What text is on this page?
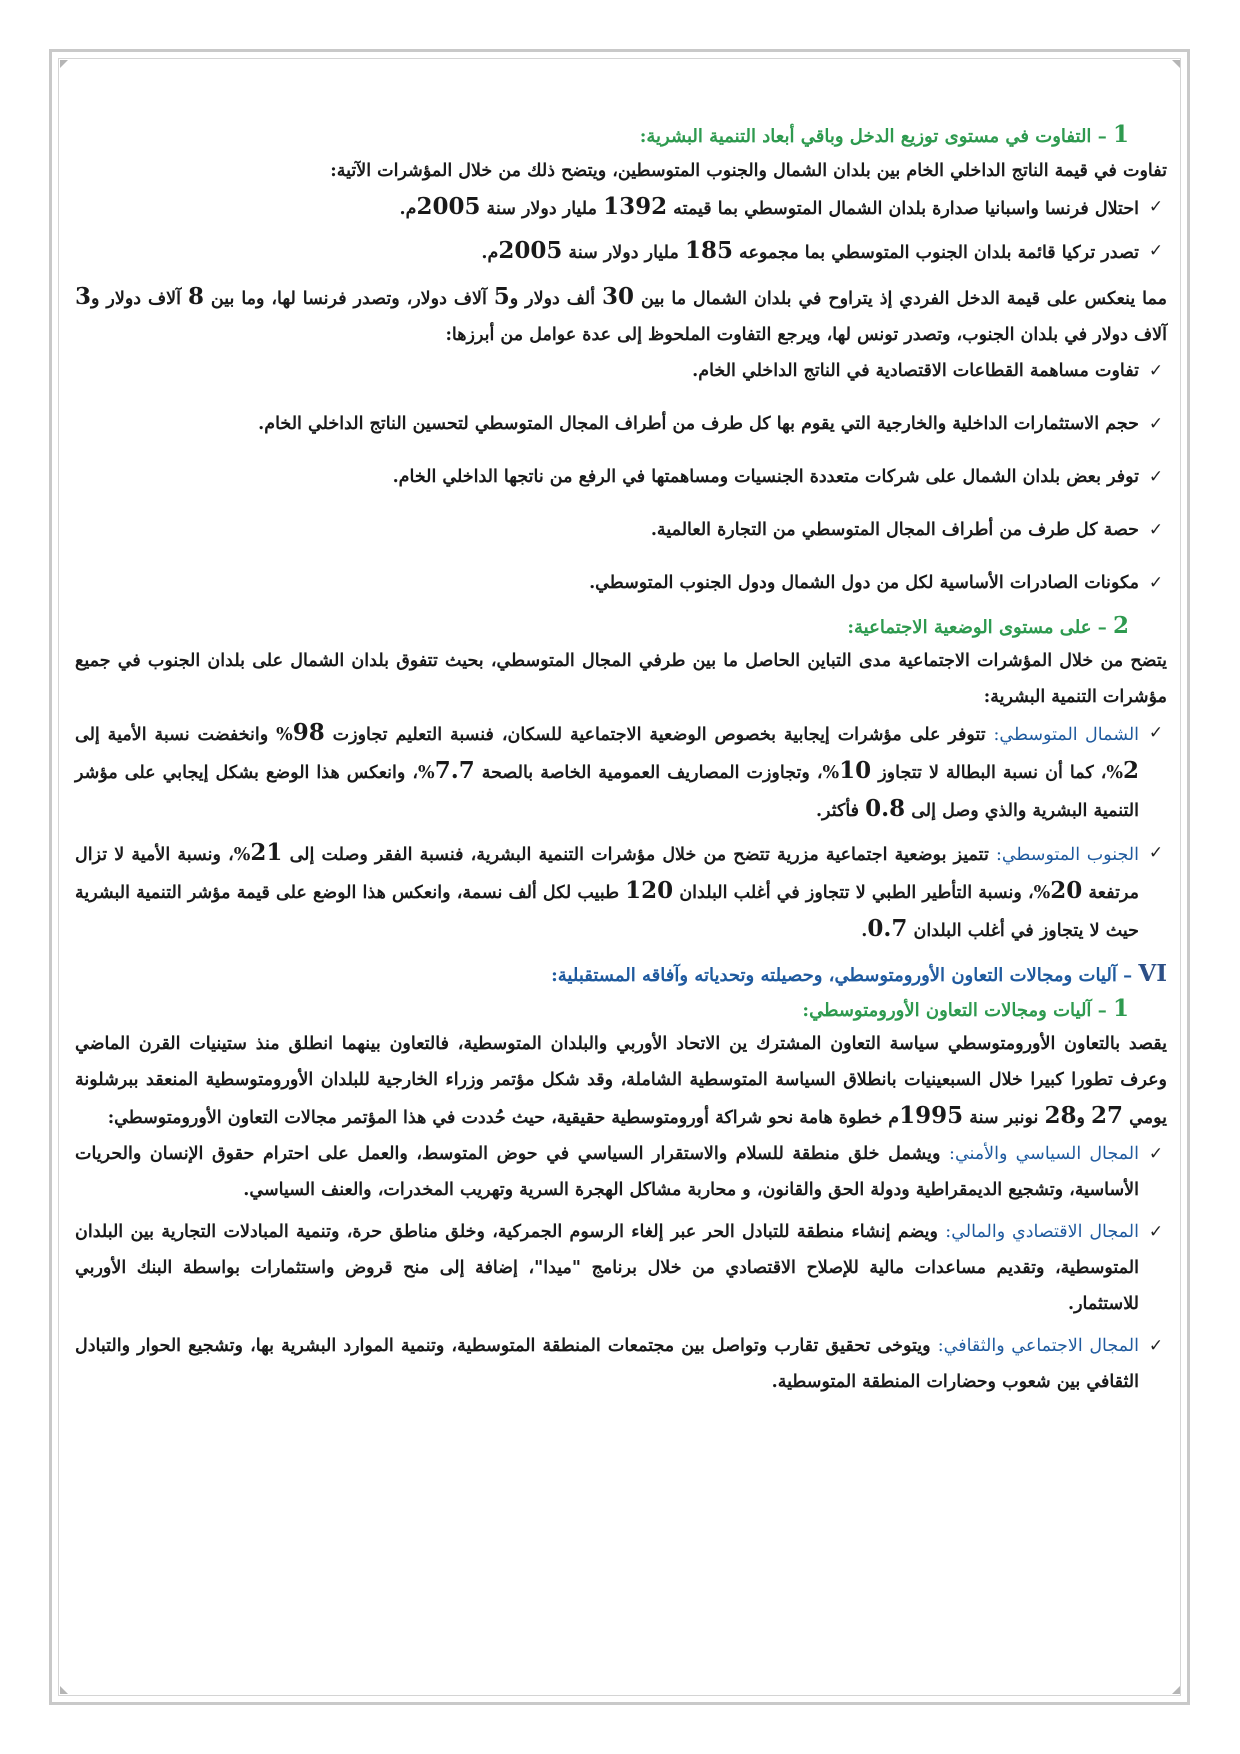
1 – التفاوت في مستوى توزيع الدخل وباقي أبعاد التنمية البشرية:

تفاوت في قيمة الناتج الداخلي الخام بين بلدان الشمال والجنوب المتوسطين، ويتضح ذلك من خلال المؤشرات الآتية:

✓
احتلال فرنسا واسبانيا صدارة بلدان الشمال المتوسطي بما قيمته 1392 مليار دولار سنة 2005م.
✓
تصدر تركيا قائمة بلدان الجنوب المتوسطي بما مجموعه 185 مليار دولار سنة 2005م.

مما ينعكس على قيمة الدخل الفردي إذ يتراوح في بلدان الشمال ما بين 30 ألف دولار و5 آلاف دولار، وتصدر فرنسا لها، وما بين 8 آلاف دولار و3 آلاف دولار في بلدان الجنوب، وتصدر تونس لها، ويرجع التفاوت الملحوظ إلى عدة عوامل من أبرزها:

✓
تفاوت مساهمة القطاعات الاقتصادية في الناتج الداخلي الخام.
✓
حجم الاستثمارات الداخلية والخارجية التي يقوم بها كل طرف من أطراف المجال المتوسطي لتحسين الناتج الداخلي الخام.
✓
توفر بعض بلدان الشمال على شركات متعددة الجنسيات ومساهمتها في الرفع من ناتجها الداخلي الخام.
✓
حصة كل طرف من أطراف المجال المتوسطي من التجارة العالمية.
✓
مكونات الصادرات الأساسية لكل من دول الشمال ودول الجنوب المتوسطي.

2 – على مستوى الوضعية الاجتماعية:

يتضح من خلال المؤشرات الاجتماعية مدى التباين الحاصل ما بين طرفي المجال المتوسطي، بحيث تتفوق بلدان الشمال على بلدان الجنوب في جميع مؤشرات التنمية البشرية:

✓
الشمال المتوسطي: تتوفر على مؤشرات إيجابية بخصوص الوضعية الاجتماعية للسكان، فنسبة التعليم تجاوزت 98% وانخفضت نسبة الأمية إلى 2%، كما أن نسبة البطالة لا تتجاوز 10%، وتجاوزت المصاريف العمومية الخاصة بالصحة 7.7%، وانعكس هذا الوضع بشكل إيجابي على مؤشر التنمية البشرية والذي وصل إلى 0.8 فأكثر.
✓
الجنوب المتوسطي: تتميز بوضعية اجتماعية مزرية تتضح من خلال مؤشرات التنمية البشرية، فنسبة الفقر وصلت إلى 21%، ونسبة الأمية لا تزال مرتفعة 20%، ونسبة التأطير الطبي لا تتجاوز في أغلب البلدان 120 طبيب لكل ألف نسمة، وانعكس هذا الوضع على قيمة مؤشر التنمية البشرية حيث لا يتجاوز في أغلب البلدان 0.7.

VI – آليات ومجالات التعاون الأورومتوسطي، وحصيلته وتحدياته وآفاقه المستقبلية:

1 – آليات ومجالات التعاون الأورومتوسطي:

يقصد بالتعاون الأورومتوسطي سياسة التعاون المشترك ين الاتحاد الأوربي والبلدان المتوسطية، فالتعاون بينهما انطلق منذ ستينيات القرن الماضي وعرف تطورا كبيرا خلال السبعينيات بانطلاق السياسة المتوسطية الشاملة، وقد شكل مؤتمر وزراء الخارجية للبلدان الأورومتوسطية المنعقد ببرشلونة يومي 27 و28 نونبر سنة 1995م خطوة هامة نحو شراكة أورومتوسطية حقيقية، حيث حُددت في هذا المؤتمر مجالات التعاون الأورومتوسطي:

✓
المجال السياسي والأمني: ويشمل خلق منطقة للسلام والاستقرار السياسي في حوض المتوسط، والعمل على احترام حقوق الإنسان والحريات الأساسية، وتشجيع الديمقراطية ودولة الحق والقانون، و محاربة مشاكل الهجرة السرية وتهريب المخدرات، والعنف السياسي.
✓
المجال الاقتصادي والمالي: ويضم إنشاء منطقة للتبادل الحر عبر إلغاء الرسوم الجمركية، وخلق مناطق حرة، وتنمية المبادلات التجارية بين البلدان المتوسطية، وتقديم مساعدات مالية للإصلاح الاقتصادي من خلال برنامج "ميدا"، إضافة إلى منح قروض واستثمارات بواسطة البنك الأوربي للاستثمار.
✓
المجال الاجتماعي والثقافي: ويتوخى تحقيق تقارب وتواصل بين مجتمعات المنطقة المتوسطية، وتنمية الموارد البشرية بها، وتشجيع الحوار والتبادل الثقافي بين شعوب وحضارات المنطقة المتوسطية.
